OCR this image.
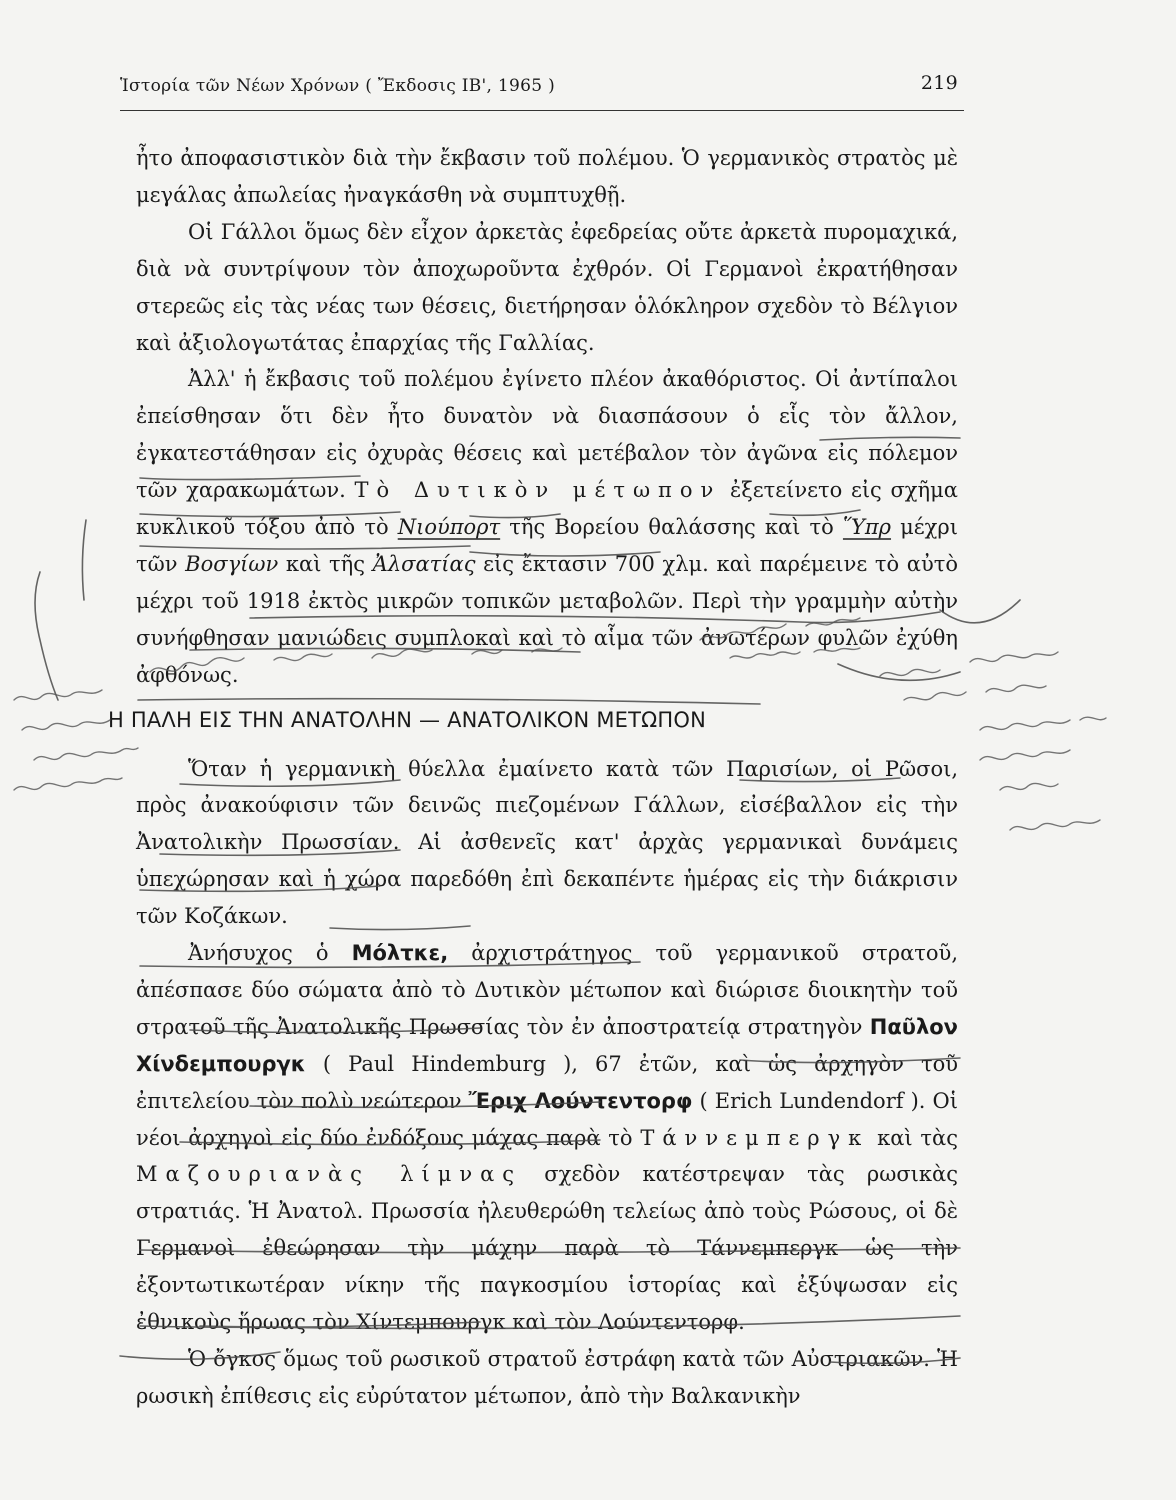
Ἱστορία τῶν Νέων Χρόνων ( Ἔκδοσις ΙΒ', 1965 )	219

ἦτο ἀποφασιστικὸν διὰ τὴν ἔκβασιν τοῦ πολέμου. Ὁ γερμανικὸς στρατὸς μὲ μεγάλας ἀπωλείας ἠναγκάσθη νὰ συμπτυχθῇ.

Οἱ Γάλλοι ὅμως δὲν εἶχον ἀρκετὰς ἐφεδρείας οὔτε ἀρκετὰ πυρομαχικά, διὰ νὰ συντρίψουν τὸν ἀποχωροῦντα ἐχθρόν. Οἱ Γερμανοὶ ἐκρατήθησαν στερεῶς εἰς τὰς νέας των θέσεις, διετήρησαν ὁλόκληρον σχεδὸν τὸ Βέλγιον καὶ ἀξιολογωτάτας ἐπαρχίας τῆς Γαλλίας.

Ἀλλ' ἡ ἔκβασις τοῦ πολέμου ἐγίνετο πλέον ἀκαθόριστος. Οἱ ἀντίπαλοι ἐπείσθησαν ὅτι δὲν ἦτο δυνατὸν νὰ διασπάσουν ὁ εἷς τὸν ἄλλον, ἐγκατεστάθησαν εἰς ὀχυρὰς θέσεις καὶ μετέβαλον τὸν ἀγῶνα εἰς πόλεμον τῶν χαρακωμάτων. Τὸ Δυτικὸν μέτωπον ἐξετείνετο εἰς σχῆμα κυκλικοῦ τόξου ἀπὸ τὸ Νιούπορτ τῆς Βορείου θαλάσσης καὶ τὸ Ὕπρ μέχρι τῶν Βοσγίων καὶ τῆς Ἀλσατίας εἰς ἔκτασιν 700 χλμ. καὶ παρέμεινε τὸ αὐτὸ μέχρι τοῦ 1918 ἐκτὸς μικρῶν τοπικῶν μεταβολῶν. Περὶ τὴν γραμμὴν αὐτὴν συνήφθησαν μανιώδεις συμπλοκαὶ καὶ τὸ αἷμα τῶν ἀνωτέρων φυλῶν ἐχύθη ἀφθόνως.

Η ΠΑΛΗ ΕΙΣ ΤΗΝ ΑΝΑΤΟΛΗΝ — ΑΝΑΤΟΛΙΚΟΝ ΜΕΤΩΠΟΝ

Ὅταν ἡ γερμανικὴ θύελλα ἐμαίνετο κατὰ τῶν Παρισίων, οἱ Ρῶσοι, πρὸς ἀνακούφισιν τῶν δεινῶς πιεζομένων Γάλλων, εἰσέβαλλον εἰς τὴν Ἀνατολικὴν Πρωσσίαν. Αἱ ἀσθενεῖς κατ' ἀρχὰς γερμανικαὶ δυνάμεις ὑπεχώρησαν καὶ ἡ χώρα παρεδόθη ἐπὶ δεκαπέντε ἡμέρας εἰς τὴν διάκρισιν τῶν Κοζάκων.

Ἀνήσυχος ὁ Μόλτκε, ἀρχιστράτηγος τοῦ γερμανικοῦ στρατοῦ, ἀπέσπασε δύο σώματα ἀπὸ τὸ Δυτικὸν μέτωπον καὶ διώρισε διοικητὴν τοῦ στρατοῦ τῆς Ἀνατολικῆς Πρωσσίας τὸν ἐν ἀποστρατείᾳ στρατηγὸν Παῦλον Χίνδεμπουργκ ( Paul Hindemburg ), 67 ἐτῶν, καὶ ὡς ἀρχηγὸν τοῦ ἐπιτελείου τὸν πολὺ νεώτερον Ἔριχ Λούντεντορφ ( Erich Lundendorf ). Οἱ νέοι ἀρχηγοὶ εἰς δύο ἐνδόξους μάχας παρὰ τὸ Τάννεμπεργκ καὶ τὰς Μαζουριανὰς λίμνας σχεδὸν κατέστρεψαν τὰς ρωσικὰς στρατιάς. Ἡ Ἀνατολ. Πρωσσία ἠλευθερώθη τελείως ἀπὸ τοὺς Ρώσους, οἱ δὲ Γερμανοὶ ἐθεώρησαν τὴν μάχην παρὰ τὸ Τάννεμπεργκ ὡς τὴν ἐξοντωτικωτέραν νίκην τῆς παγκοσμίου ἱστορίας καὶ ἐξύψωσαν εἰς ἐθνικοὺς ἥρωας τὸν Χίντεμπουργκ καὶ τὸν Λούντεντορφ.

Ὁ ὄγκος ὅμως τοῦ ρωσικοῦ στρατοῦ ἐστράφη κατὰ τῶν Αὐστριακῶν. Ἡ ρωσικὴ ἐπίθεσις εἰς εὐρύτατον μέτωπον, ἀπὸ τὴν Βαλκανικὴν
